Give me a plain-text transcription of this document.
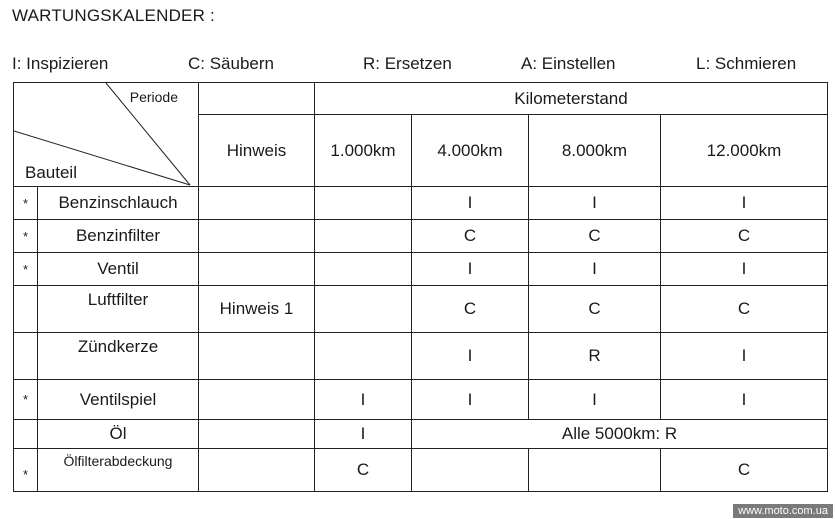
WARTUNGSKALENDER :
I: Inspizieren	C: Säubern	R: Ersetzen	A: Einstellen	L: Schmieren
Periode
Bauteil			Kilometerstand			
		Hinweis	1.000km	4.000km	8.000km	12.000km
*	Benzinschlauch			I	I	I
*	Benzinfilter			C	C	C
*	Ventil			I	I	I
	Luftfilter	Hinweis 1		C	C	C
	Zündkerze			I	R	I
*	Ventilspiel		I	I	I	I
	Öl		I	Alle 5000km: R		
*	Ölfilterabdeckung		C			C
www.moto.com.ua
